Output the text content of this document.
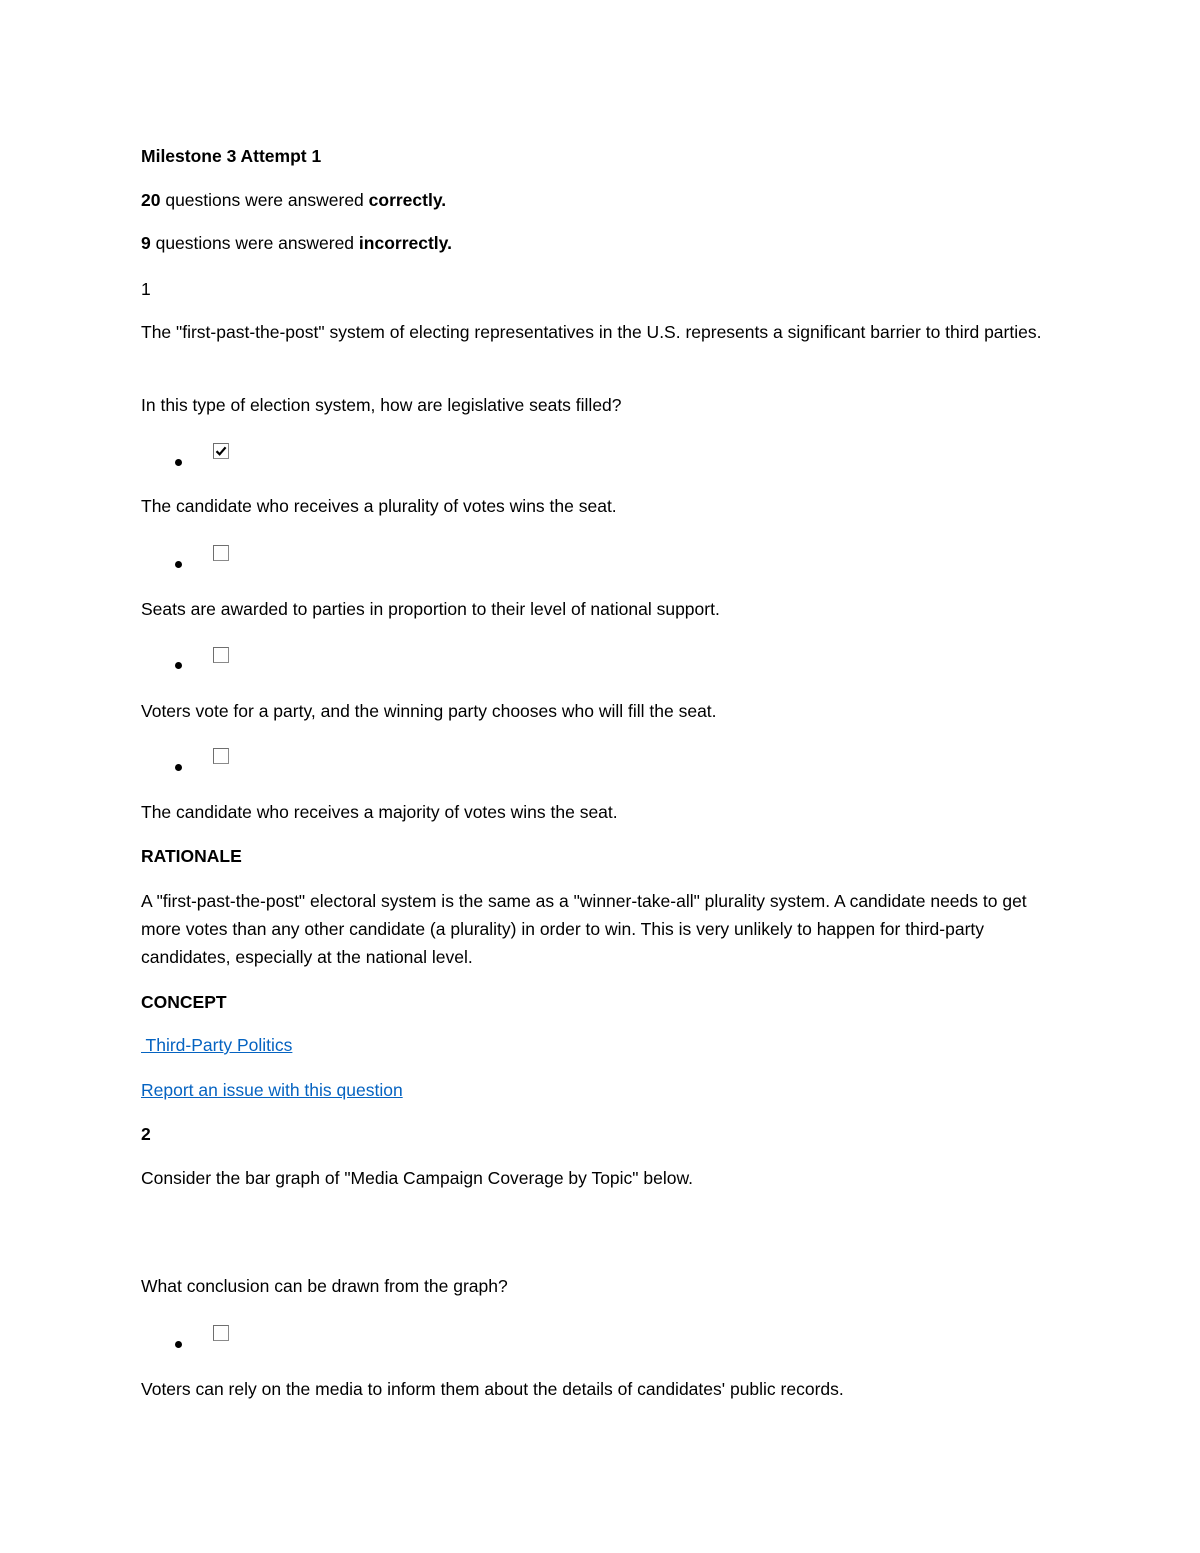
Milestone 3 Attempt 1
20 questions were answered correctly.
9 questions were answered incorrectly.
1
The "first-past-the-post" system of electing representatives in the U.S. represents a significant barrier to third parties.
In this type of election system, how are legislative seats filled?
The candidate who receives a plurality of votes wins the seat.
Seats are awarded to parties in proportion to their level of national support.
Voters vote for a party, and the winning party chooses who will fill the seat.
The candidate who receives a majority of votes wins the seat.
RATIONALE
A "first-past-the-post" electoral system is the same as a "winner-take-all" plurality system. A candidate needs to get more votes than any other candidate (a plurality) in order to win. This is very unlikely to happen for third-party candidates, especially at the national level.
CONCEPT
Third-Party Politics
Report an issue with this question
2
Consider the bar graph of "Media Campaign Coverage by Topic" below.
What conclusion can be drawn from the graph?
Voters can rely on the media to inform them about the details of candidates' public records.
